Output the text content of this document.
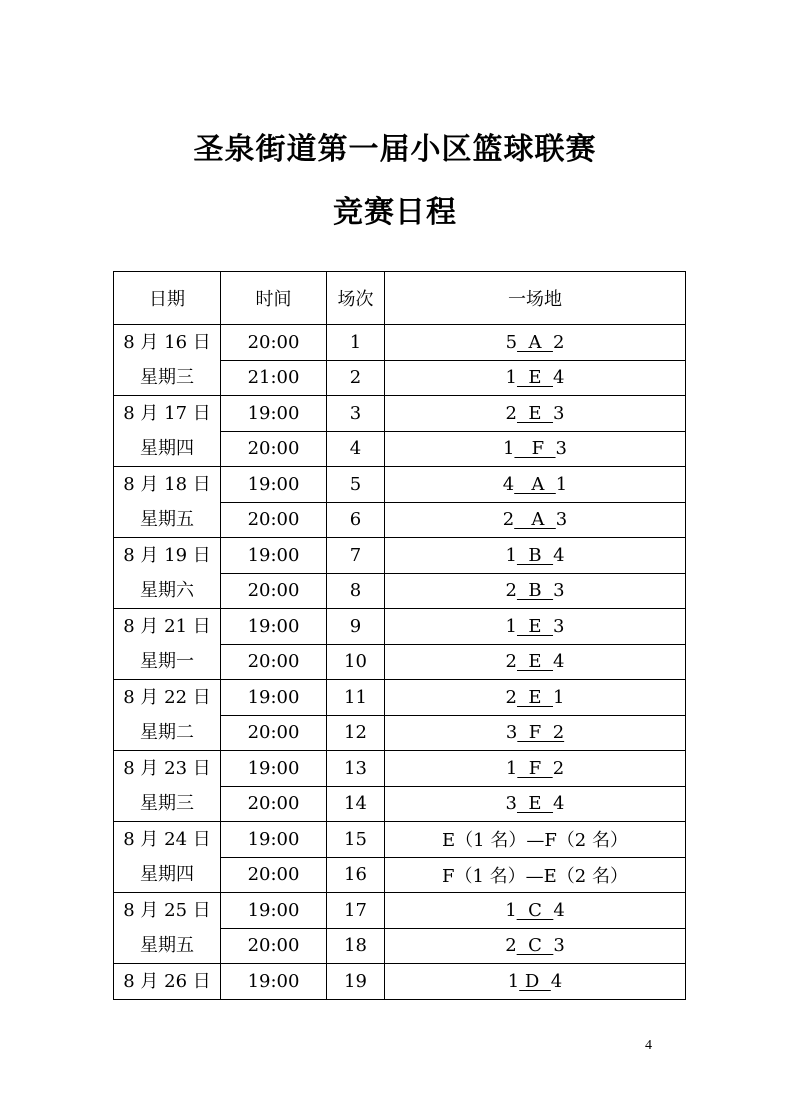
圣泉街道第一届小区篮球联赛
竞赛日程
日期	时间	场次	一场地

8 月 16 日
星期三	20:00	1	5  A  2
	21:00	2	1  E  4

8 月 17 日
星期四	19:00	3	2  E  3
	20:00	4	1   F  3

8 月 18 日
星期五	19:00	5	4   A  1
	20:00	6	2   A  3

8 月 19 日
星期六	19:00	7	1  B  4
	20:00	8	2  B  3

8 月 21 日
星期一	19:00	9	1  E  3
	20:00	10	2  E  4

8 月 22 日
星期二	19:00	11	2  E  1
	20:00	12	3  F  2

8 月 23 日
星期三	19:00	13	1  F  2
	20:00	14	3  E  4

8 月 24 日
星期四	19:00	15	E（1 名）—F（2 名）
	20:00	16	F（1 名）—E（2 名）

8 月 25 日
星期五	19:00	17	1  C  4
	20:00	18	2  C  3

8 月 26 日	19:00	19	1 D  4
4
